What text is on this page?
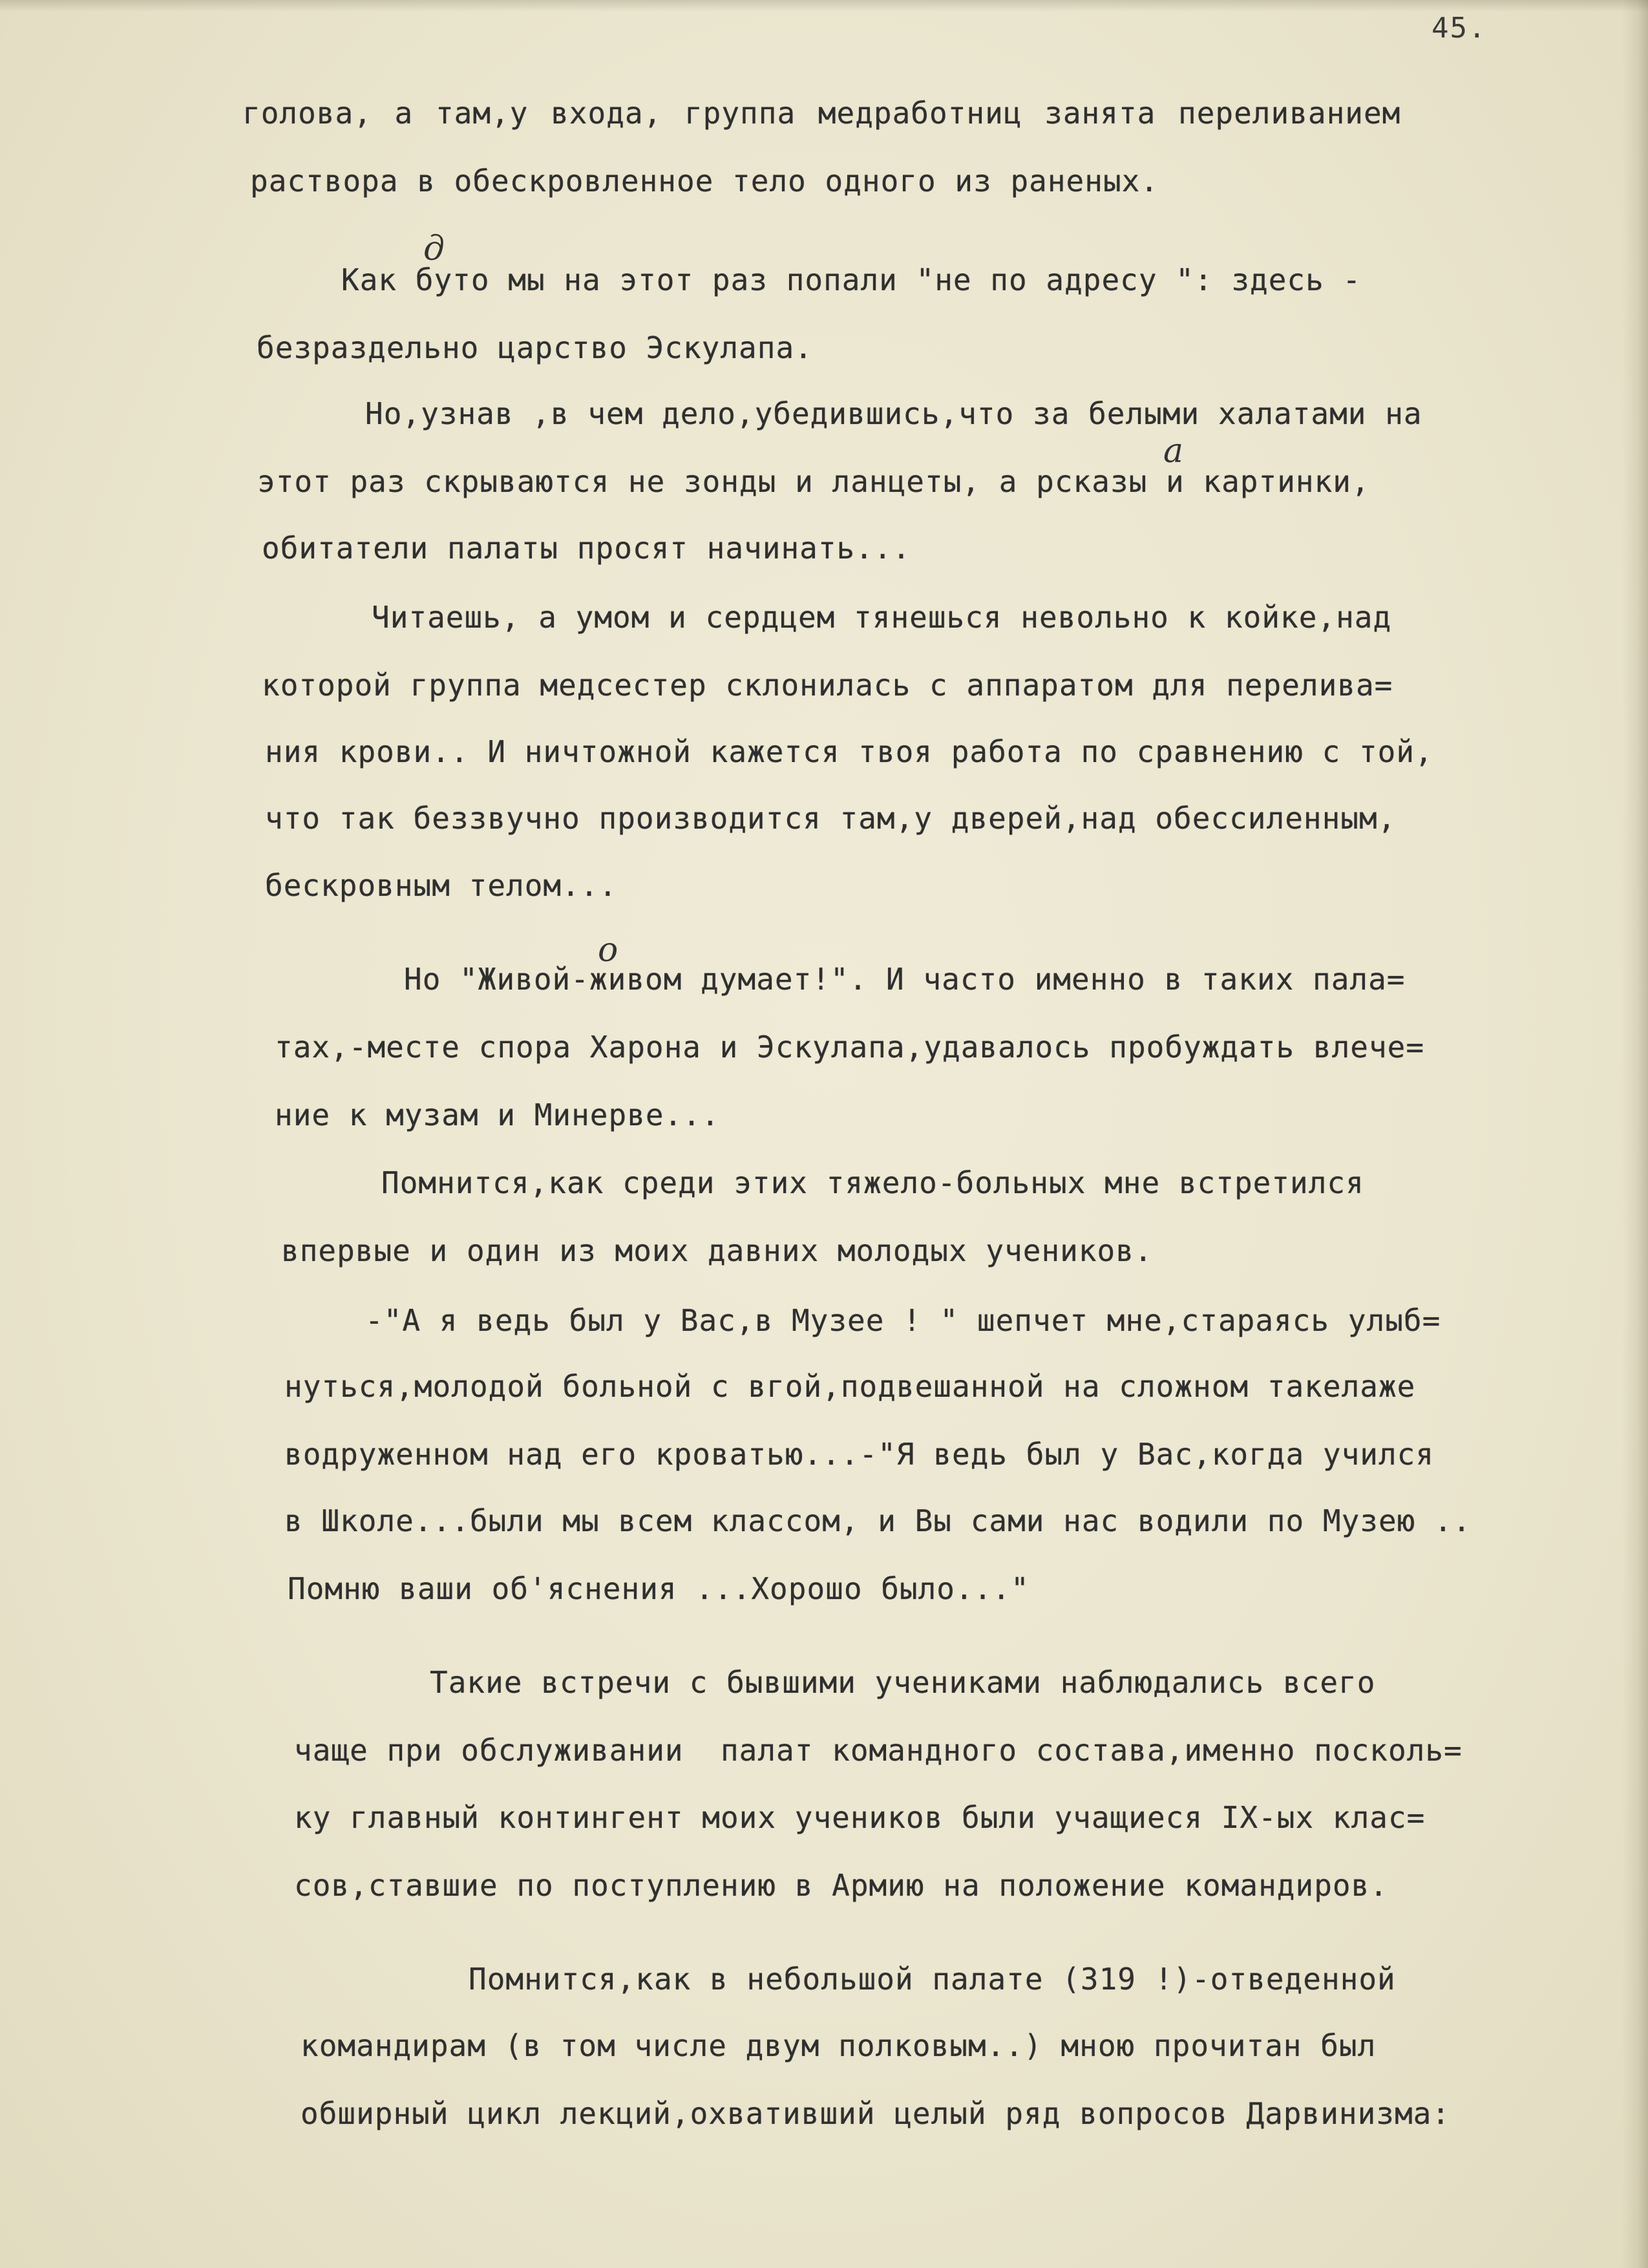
45.
голова, а там,у входа, группа медработниц занята переливанием
раствора в обескровленное тело одного из раненых.
Как буто мы на этот раз попали "не по адресу ": здесь -
безраздельно царство Эскулапа.
Но,узнав ,в чем дело,убедившись,что за белыми халатами на
этот раз скрываются не зонды и ланцеты, а рсказы и картинки,
обитатели палаты просят начинать...
Читаешь, а умом и сердцем тянешься невольно к койке,над
которой группа медсестер склонилась с аппаратом для перелива=
ния крови.. И ничтожной кажется твоя работа по сравнению с той,
что так беззвучно производится там,у дверей,над обессиленным,
бескровным телом...
Но "Живой-живом думает!". И часто именно в таких пала=
тах,-месте спора Харона и Эскулапа,удавалось пробуждать влече=
ние к музам и Минерве...
Помнится,как среди этих тяжело-больных мне встретился
впервые и один из моих давних молодых учеников.
-"А я ведь был у Вас,в Музее ! " шепчет мне,стараясь улыб=
нуться,молодой больной с вгой,подвешанной на сложном такелаже
водруженном над его кроватью...-"Я ведь был у Вас,когда учился
в Школе...были мы всем классом, и Вы сами нас водили по Музею ..
Помню ваши об'яснения ...Хорошо было..."
Такие встречи с бывшими учениками наблюдались всего
чаще при обслуживании  палат командного состава,именно посколь=
ку главный контингент моих учеников были учащиеся IX-ых клас=
сов,ставшие по поступлению в Армию на положение командиров.
Помнится,как в небольшой палате (319 !)-отведенной
командирам (в том числе двум полковым..) мною прочитан был
обширный цикл лекций,охвативший целый ряд вопросов Дарвинизма:
д
а
о
